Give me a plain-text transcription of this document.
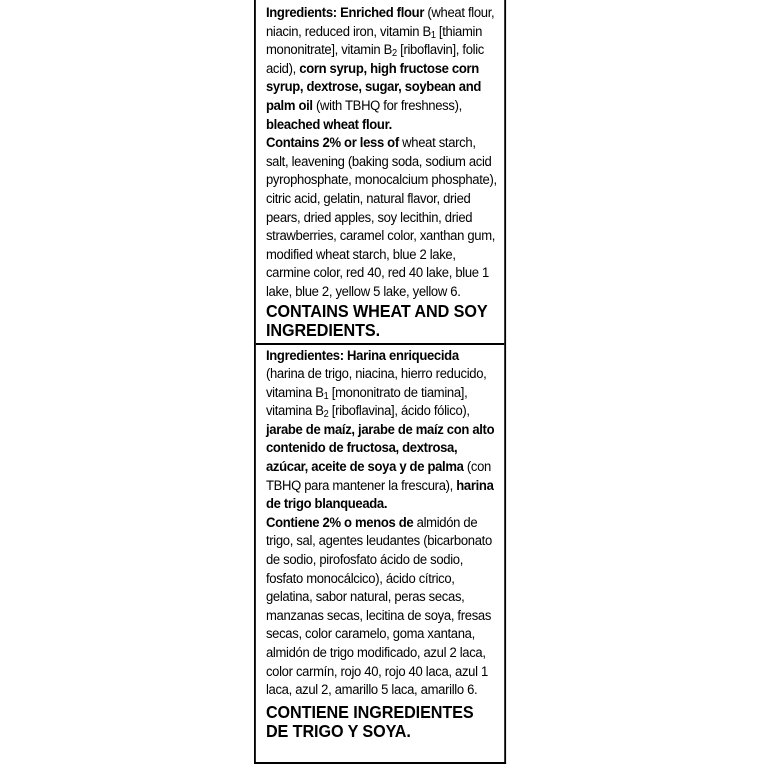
Ingredients: Enriched flour (wheat flour, niacin, reduced iron, vitamin $B_1$ [thiamin mononitrate], vitamin $B_2$ [riboflavin], folic acid), corn syrup, high fructose corn syrup, dextrose, sugar, soybean and palm oil (with TBHQ for freshness), bleached wheat flour.
Contains 2% or less of wheat starch, salt, leavening (baking soda, sodium acid pyrophosphate, monocalcium phosphate), citric acid, gelatin, natural flavor, dried pears, dried apples, soy lecithin, dried strawberries, caramel color, xanthan gum, modified wheat starch, blue 2 lake, carmine color, red 40, red 40 lake, blue 1 lake, blue 2, yellow 5 lake, yellow 6.

CONTAINS WHEAT AND SOY INGREDIENTS.

Ingredientes: Harina enriquecida (harina de trigo, niacina, hierro reducido, vitamina $B_1$ [mononitrato de tiamina], vitamina $B_2$ [riboflavina], ácido fólico), jarabe de maíz, jarabe de maíz con alto contenido de fructosa, dextrosa, azúcar, aceite de soya y de palma (con TBHQ para mantener la frescura), harina de trigo blanqueada.
Contiene 2% o menos de almidón de trigo, sal, agentes leudantes (bicarbonato de sodio, pirofosfato ácido de sodio, fosfato monocálcico), ácido cítrico, gelatina, sabor natural, peras secas, manzanas secas, lecitina de soya, fresas secas, color caramelo, goma xantana, almidón de trigo modificado, azul 2 laca, color carmín, rojo 40, rojo 40 laca, azul 1 laca, azul 2, amarillo 5 laca, amarillo 6.

CONTIENE INGREDIENTES DE TRIGO Y SOYA.
